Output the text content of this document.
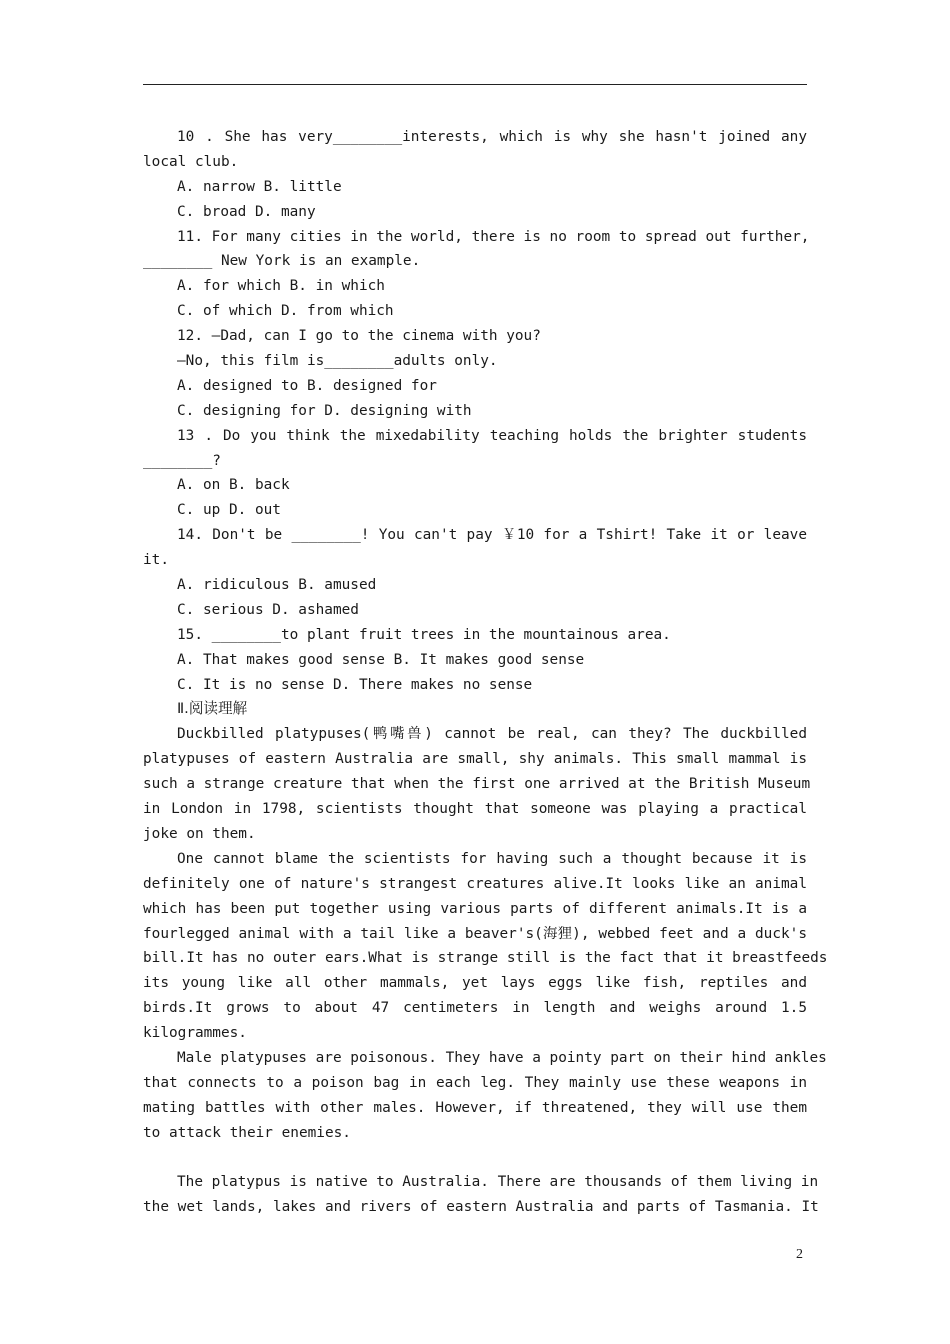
10 . She has very________interests, which is why she hasn't joined any
local club.
A. narrow B. little
C. broad D. many
11. For many cities in the world, there is no room to spread out further,
________ New York is an example.
A. for which B. in which
C. of which D. from which
12. —Dad, can I go to the cinema with you?
—No, this film is________adults only.
A. designed to B. designed for
C. designing for D. designing with
13 . Do you think the mixedability teaching holds the brighter students
________?
A. on B. back
C. up D. out
14. Don't be ________! You can't pay ￥10 for a Tshirt! Take it or leave
it.
A. ridiculous B. amused
C. serious D. ashamed
15. ________to plant fruit trees in the mountainous area.
A. That makes good sense B. It makes good sense
C. It is no sense D. There makes no sense
Ⅱ.阅读理解
Duckbilled platypuses(鸭嘴兽) cannot be real, can they? The duckbilled
platypuses of eastern Australia are small, shy animals. This small mammal is
such a strange creature that when the first one arrived at the British Museum
in London in 1798, scientists thought that someone was playing a practical
joke on them.
One cannot blame the scientists for having such a thought because it is
definitely one of nature's strangest creatures alive.It looks like an animal
which has been put together using various parts of different animals.It is a
fourlegged animal with a tail like a beaver's(海狸), webbed feet and a duck's
bill.It has no outer ears.What is strange still is the fact that it breastfeeds
its young like all other mammals, yet lays eggs like fish, reptiles and
birds.It grows to about 47 centimeters in length and weighs around 1.5
kilogrammes.
Male platypuses are poisonous. They have a pointy part on their hind ankles
that connects to a poison bag in each leg. They mainly use these weapons in
mating battles with other males. However, if threatened, they will use them
to attack their enemies.
The platypus is native to Australia. There are thousands of them living in
the wet lands, lakes and rivers of eastern Australia and parts of Tasmania. It
2
